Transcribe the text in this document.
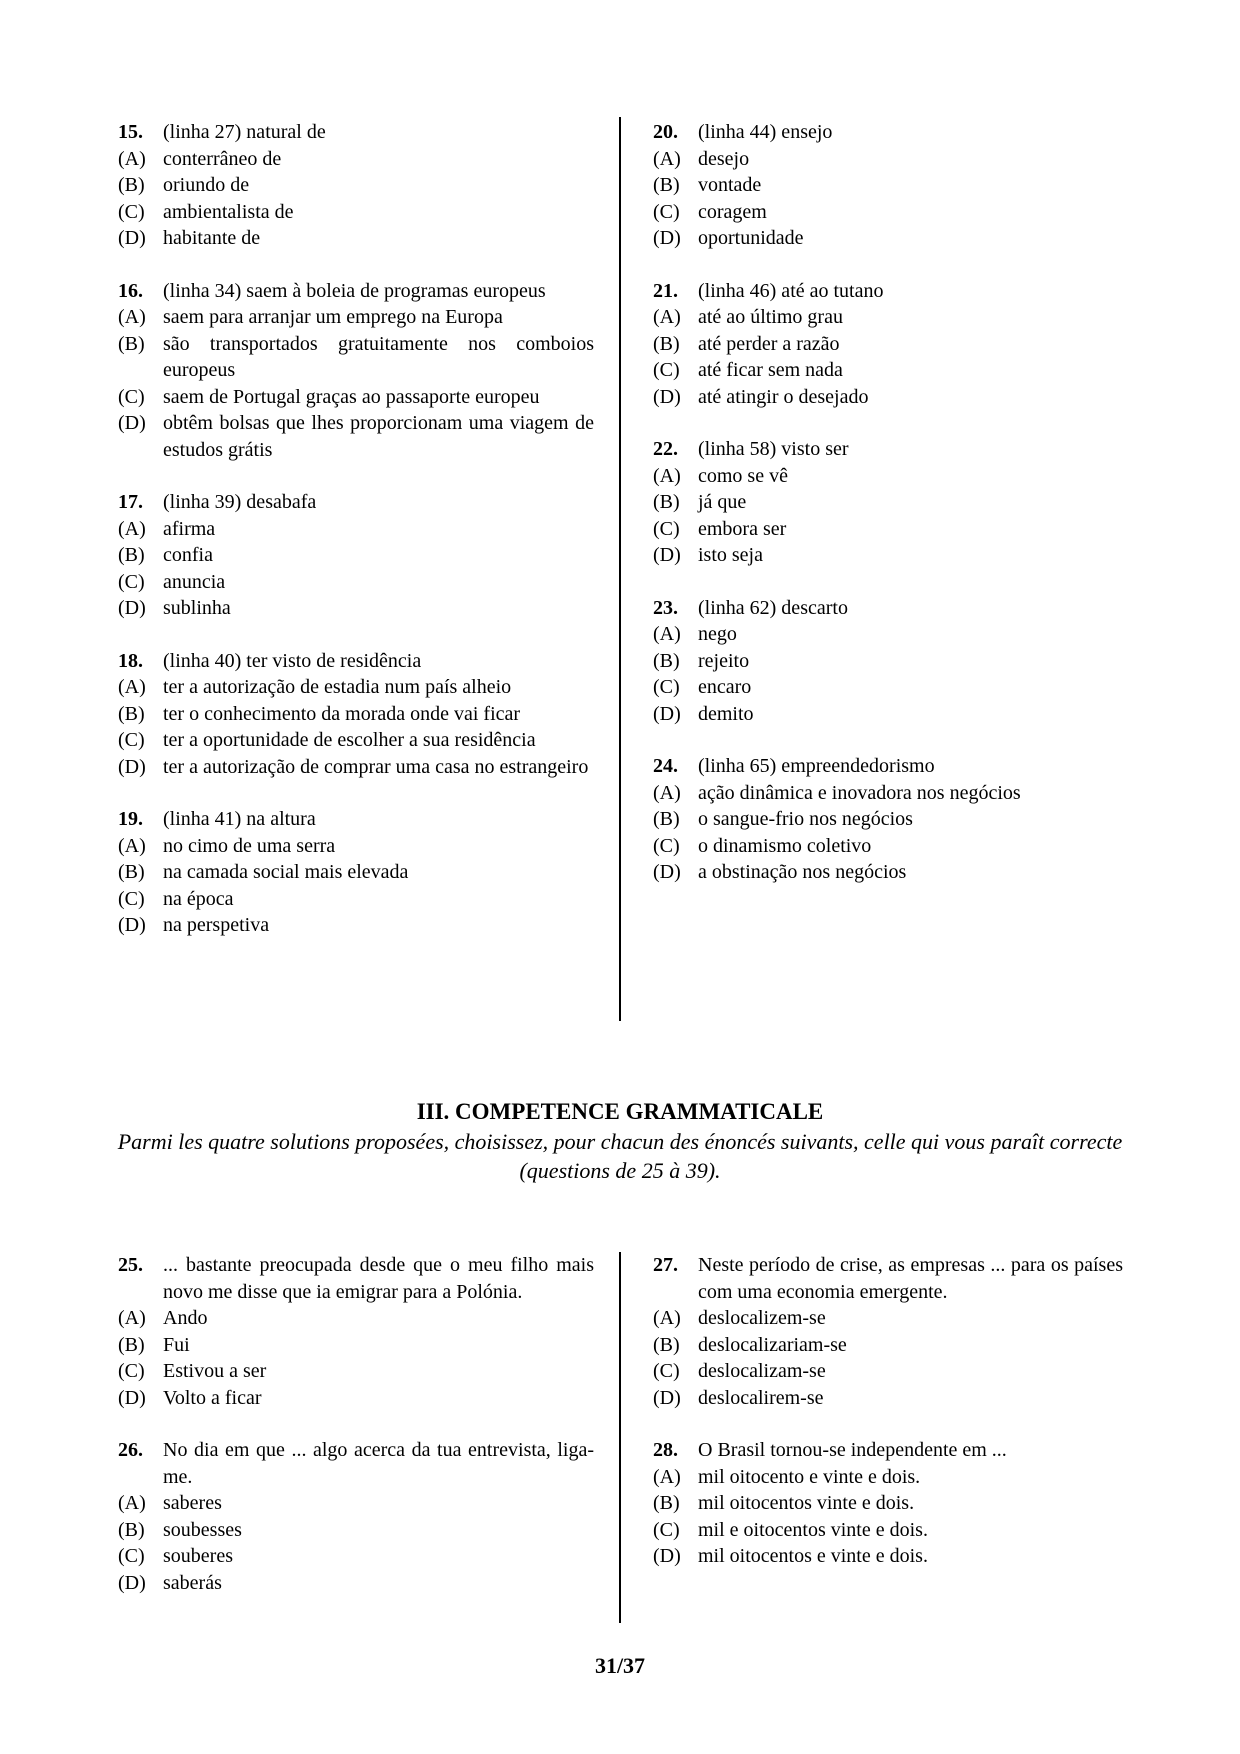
15.	(linha 27) natural de
(A) conterrâneo de
(B) oriundo de
(C) ambientalista de
(D) habitante de
16.	(linha 34) saem à boleia de programas europeus
(A) saem para arranjar um emprego na Europa
(B) são transportados gratuitamente nos comboios europeus
(C) saem de Portugal graças ao passaporte europeu
(D) obtêm bolsas que lhes proporcionam uma viagem de estudos grátis
17.	(linha 39) desabafa
(A) afirma
(B) confia
(C) anuncia
(D) sublinha
18.	(linha 40) ter visto de residência
(A) ter a autorização de estadia num país alheio
(B) ter o conhecimento da morada onde vai ficar
(C) ter a oportunidade de escolher a sua residência
(D) ter a autorização de comprar uma casa no estrangeiro
19.	(linha 41) na altura
(A) no cimo de uma serra
(B) na camada social mais elevada
(C) na época
(D) na perspetiva
20.	(linha 44) ensejo
(A) desejo
(B) vontade
(C) coragem
(D) oportunidade
21.	(linha 46) até ao tutano
(A) até ao último grau
(B) até perder a razão
(C) até ficar sem nada
(D) até atingir o desejado
22.	(linha 58) visto ser
(A) como se vê
(B) já que
(C) embora ser
(D) isto seja
23.	(linha 62) descarto
(A) nego
(B) rejeito
(C) encaro
(D) demito
24.	(linha 65) empreendedorismo
(A) ação dinâmica e inovadora nos negócios
(B) o sangue-frio nos negócios
(C) o dinamismo coletivo
(D) a obstinação nos negócios
III. COMPETENCE GRAMMATICALE
Parmi les quatre solutions proposées, choisissez, pour chacun des énoncés suivants, celle qui vous paraît correcte (questions de 25 à 39).
25.	... bastante preocupada desde que o meu filho mais novo me disse que ia emigrar para a Polónia.
(A) Ando
(B) Fui
(C) Estivou a ser
(D) Volto a ficar
26.	No dia em que ... algo acerca da tua entrevista, liga-me.
(A) saberes
(B) soubesses
(C) souberes
(D) saberás
27.	Neste período de crise, as empresas ... para os países com uma economia emergente.
(A) deslocalizem-se
(B) deslocalizariam-se
(C) deslocalizam-se
(D) deslocalirem-se
28.	O Brasil tornou-se independente em ...
(A) mil oitocento e vinte e dois.
(B) mil oitocentos vinte e dois.
(C) mil e oitocentos vinte e dois.
(D) mil oitocentos e vinte e dois.
31/37
